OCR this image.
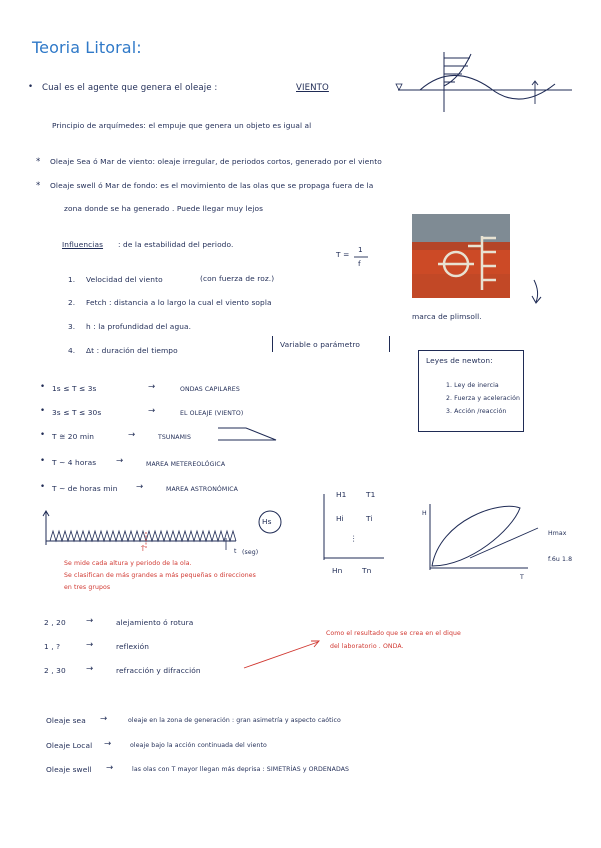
Teoria Litoral:
• Cual es el agente que genera el oleaje :	VIENTO
Principio de arquímedes: el empuje que genera un objeto es igual al
* Oleaje Sea ó Mar de viento: oleaje irregular, de periodos cortos, generado por el viento
* Oleaje swell ó Mar de fondo: es el movimiento de las olas que se propaga fuera de la
zona donde se ha generado . Puede llegar muy lejos
Influencias : de la estabilidad del periodo.
T =
1
f
1. Velocidad del viento	(con fuerza de roz.)
2. Fetch : distancia a lo largo la cual el viento sopla
3. h : la profundidad del agua.
4. Δt : duración del tiempo
Variable o parámetro
marca de plimsoll.
Leyes de newton:
1. Ley de inercia
2. Fuerza y aceleración
3. Acción /reacción
• 1s ≤ T ≤ 3s	→	ONDAS CAPILARES
• 3s ≤ T ≤ 30s	→	EL OLEAJE (VIENTO)
• T ≅ 20 min	→	TSUNAMIS
• T ~ 4 horas →	MAREA METEREOLÓGICA
• T ~ de horas min →	MAREA ASTRONÓMICA
T̄	t (seg)
Hs
Se mide cada altura y periodo de la ola.
Se clasifican de más grandes a más pequeñas o direcciones
en tres grupos
H1	T1
Hi	Ti
⋮
Hn	Tn
H
T
Hmax
f.6u 1.8
2 , 20 →	alejamiento ó rotura
1 , ?	→	reflexión
2 , 30 →	refracción y difracción
Como el resultado que se crea en el dique
del laboratorio . ONDA.
Oleaje sea →	oleaje en la zona de generación : gran asimetría y aspecto caótico
Oleaje Local →	oleaje bajo la acción continuada del viento
Oleaje swell →	las olas con T mayor llegan más deprisa : SIMETRÍAS y ORDENADAS
